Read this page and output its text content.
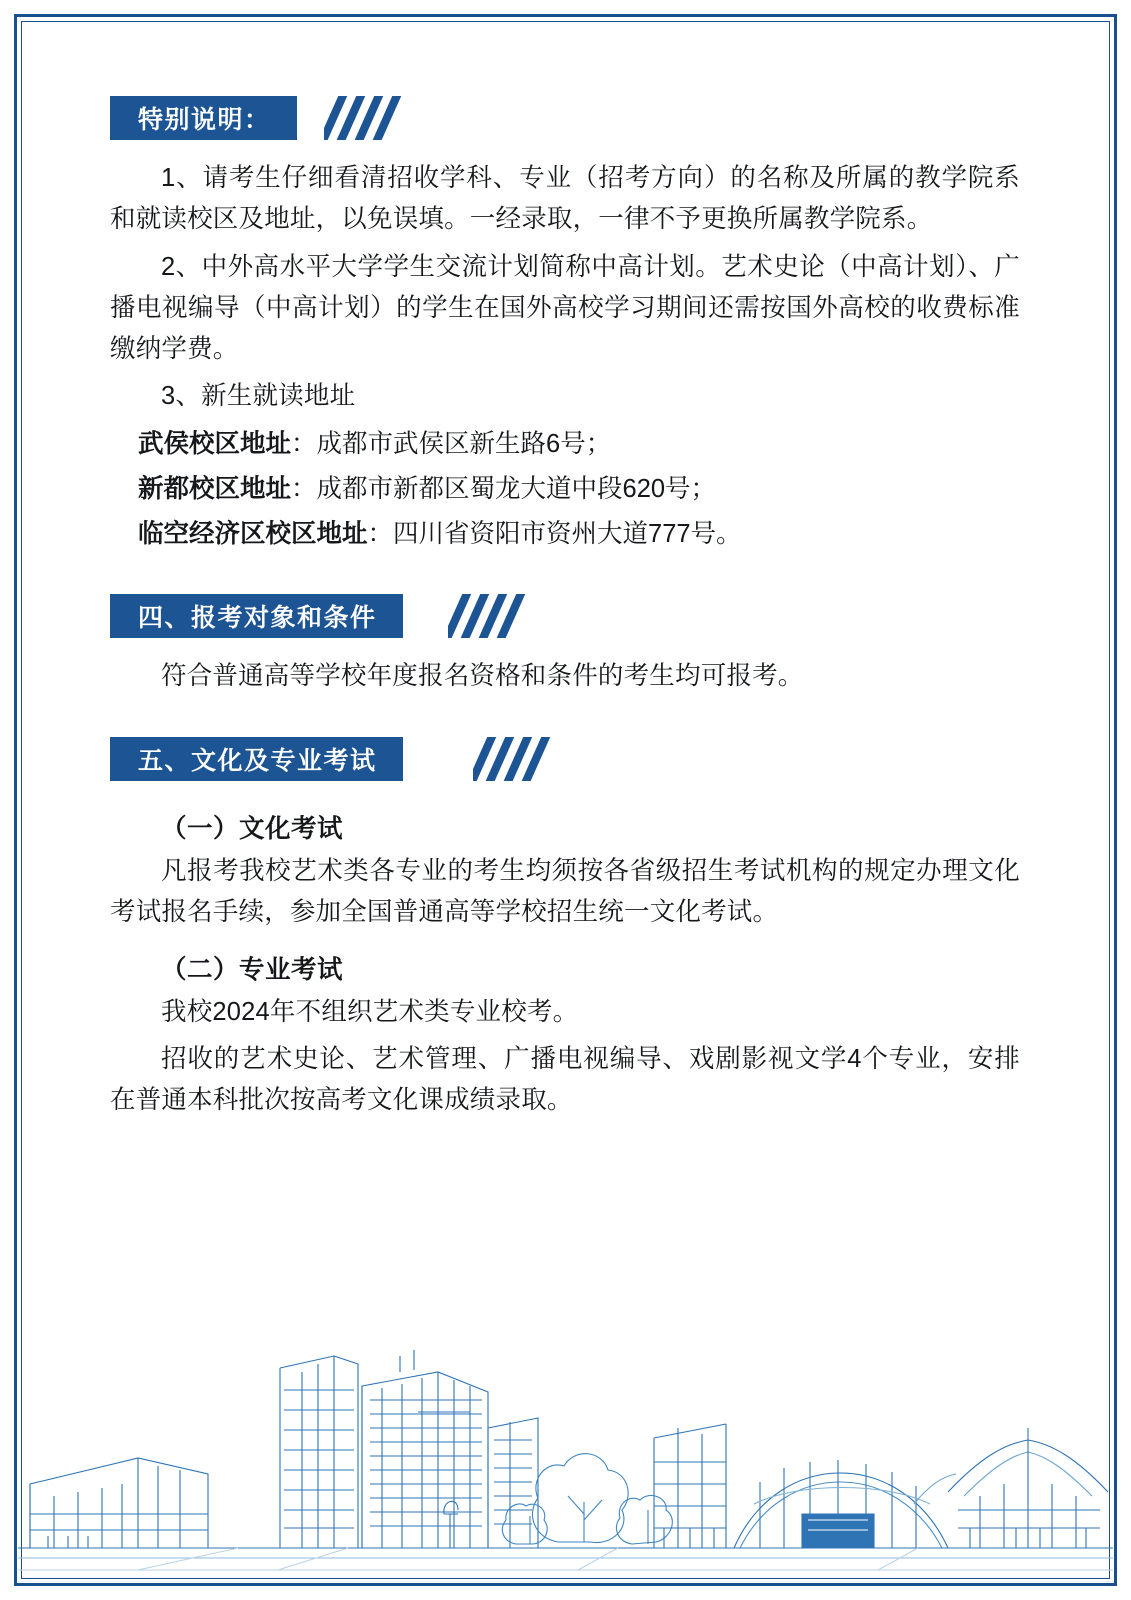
特别说明：

1、请考生仔细看清招收学科、专业（招考方向）的名称及所属的教学院系和就读校区及地址，以免误填。一经录取，一律不予更换所属教学院系。

2、中外高水平大学学生交流计划简称中高计划。艺术史论（中高计划）、广播电视编导（中高计划）的学生在国外高校学习期间还需按国外高校的收费标准缴纳学费。

3、新生就读地址

武侯校区地址：成都市武侯区新生路6号；

新都校区地址：成都市新都区蜀龙大道中段620号；

临空经济区校区地址：四川省资阳市资州大道777号。

四、报考对象和条件

符合普通高等学校年度报名资格和条件的考生均可报考。

五、文化及专业考试

（一）文化考试

凡报考我校艺术类各专业的考生均须按各省级招生考试机构的规定办理文化考试报名手续，参加全国普通高等学校招生统一文化考试。

（二）专业考试

我校2024年不组织艺术类专业校考。

招收的艺术史论、艺术管理、广播电视编导、戏剧影视文学4个专业，安排在普通本科批次按高考文化课成绩录取。
